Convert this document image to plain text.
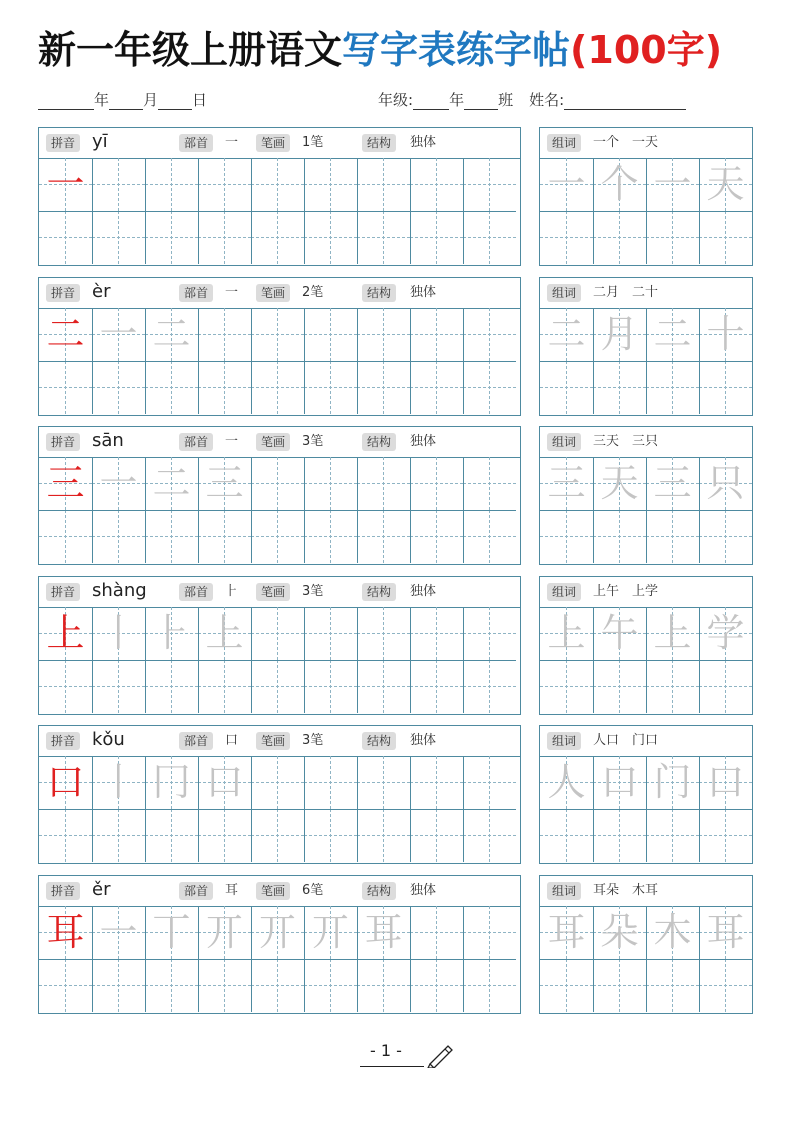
新一年级上册语文写字表练字帖(100字)
年 月 日	年级: 年 班 姓名:
拼音 yī	部首	一	笔画	1笔	结构	独体
一
组词	一个　一天
一 个 一 天
拼音 èr	部首	一	笔画	2笔	结构	独体
二 一 二
组词	二月　二十
二 月 二 十
拼音 sān	部首	一	笔画	3笔	结构	独体
三 一 二 三
组词	三天　三只
三 天 三 只
拼音 shàng	部首	⺊	笔画	3笔	结构	独体
上 丨 ⺊ 上
组词	上午　上学
上 午 上 学
拼音 kǒu	部首	口	笔画	3笔	结构	独体
口 丨 冂 口
组词	人口　门口
人 口 门 口
拼音 ěr	部首	耳	笔画	6笔	结构	独体
耳 一 丅 丌 丌 丌 耳
组词	耳朵　木耳
耳 朵 木 耳
- 1 -
